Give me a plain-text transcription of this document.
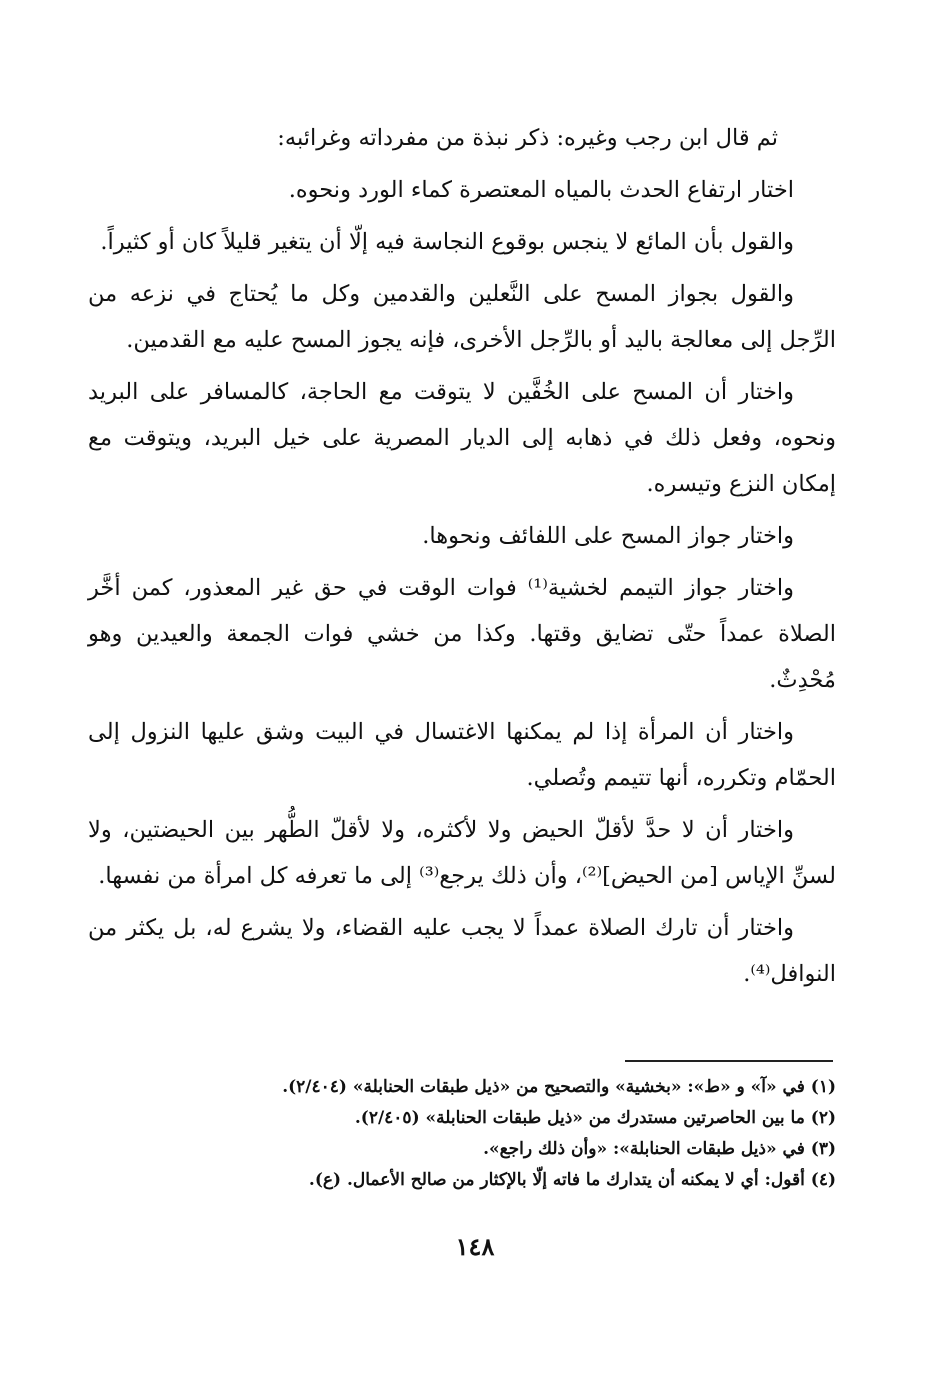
ثم قال ابن رجب وغيره: ذكر نبذة من مفرداته وغرائبه:

اختار ارتفاع الحدث بالمياه المعتصرة كماء الورد ونحوه.

والقول بأن المائع لا ينجس بوقوع النجاسة فيه إلّا أن يتغير قليلاً كان أو كثيراً.

والقول بجواز المسح على النَّعلين والقدمين وكل ما يُحتاج في نزعه من الرِّجل إلى معالجة باليد أو بالرِّجل الأخرى، فإنه يجوز المسح عليه مع القدمين.

واختار أن المسح على الخُفَّين لا يتوقت مع الحاجة، كالمسافر على البريد ونحوه، وفعل ذلك في ذهابه إلى الديار المصرية على خيل البريد، ويتوقت مع إمكان النزع وتيسره.

واختار جواز المسح على اللفائف ونحوها.

واختار جواز التيمم لخشية⁽¹⁾ فوات الوقت في حق غير المعذور، كمن أخَّر الصلاة عمداً حتّى تضايق وقتها. وكذا من خشي فوات الجمعة والعيدين وهو مُحْدِثٌ.

واختار أن المرأة إذا لم يمكنها الاغتسال في البيت وشق عليها النزول إلى الحمّام وتكرره، أنها تتيمم وتُصلي.

واختار أن لا حدَّ لأقلّ الحيض ولا لأكثره، ولا لأقلّ الطُّهر بين الحيضتين، ولا لسنِّ الإياس [من الحيض]⁽²⁾، وأن ذلك يرجع⁽³⁾ إلى ما تعرفه كل امرأة من نفسها.

واختار أن تارك الصلاة عمداً لا يجب عليه القضاء، ولا يشرع له، بل يكثر من النوافل⁽⁴⁾.

(١) في «آ» و «ط»: «بخشية» والتصحيح من «ذيل طبقات الحنابلة» (٢/٤٠٤).

(٢) ما بين الحاصرتين مستدرك من «ذيل طبقات الحنابلة» (٢/٤٠٥).

(٣) في «ذيل طبقات الحنابلة»: «وأن ذلك راجع».

(٤) أقول: أي لا يمكنه أن يتدارك ما فاته إلّا بالإكثار من صالح الأعمال. (ع).

١٤٨
